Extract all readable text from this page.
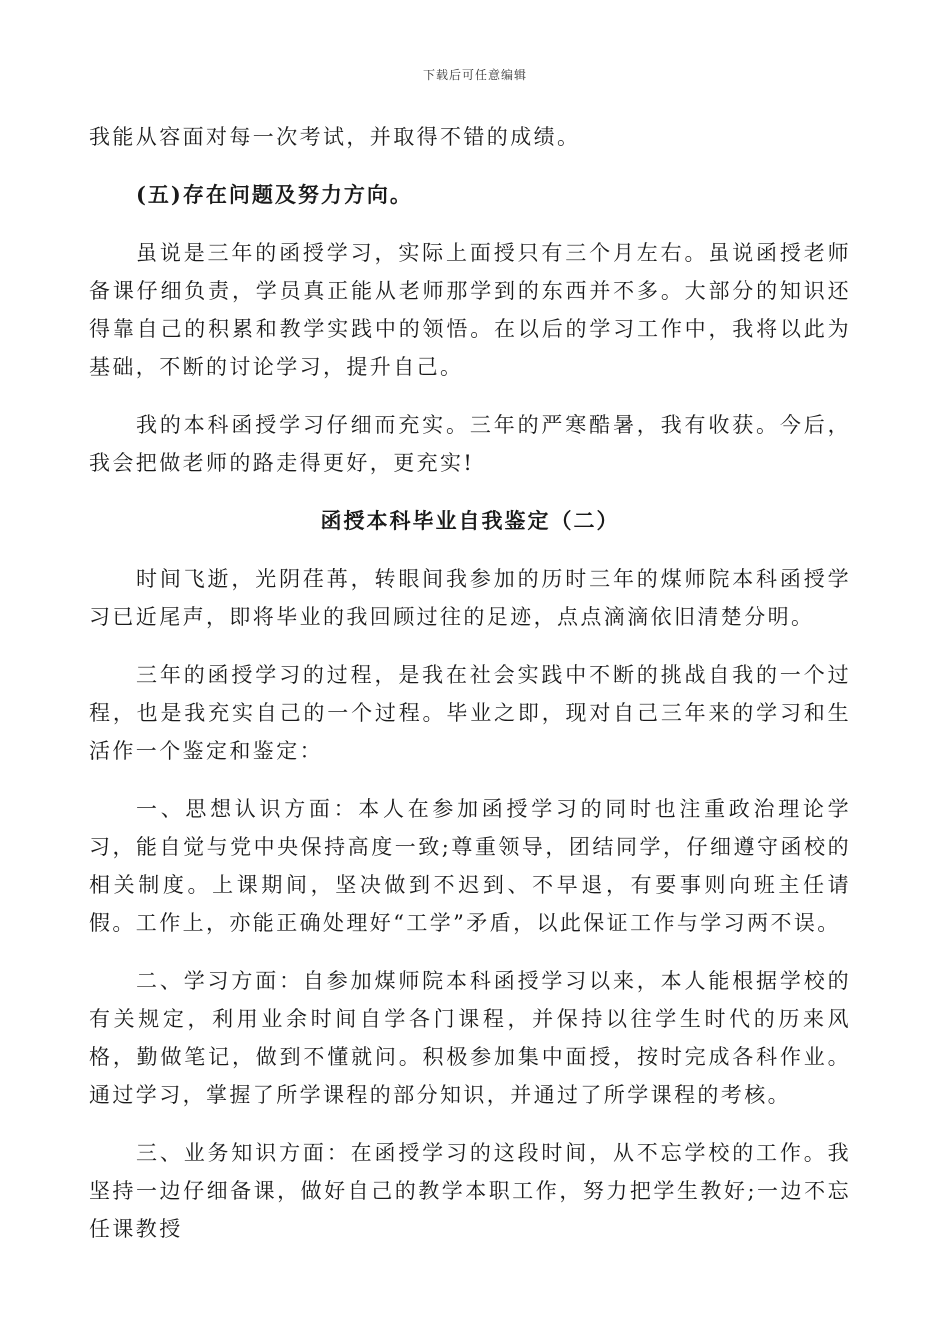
下载后可任意编辑

我能从容面对每一次考试，并取得不错的成绩。

(五)存在问题及努力方向。

虽说是三年的函授学习，实际上面授只有三个月左右。虽说函授老师备课仔细负责，学员真正能从老师那学到的东西并不多。大部分的知识还得靠自己的积累和教学实践中的领悟。在以后的学习工作中，我将以此为基础，不断的讨论学习，提升自己。

我的本科函授学习仔细而充实。三年的严寒酷暑，我有收获。今后，我会把做老师的路走得更好，更充实!

函授本科毕业自我鉴定（二）

时间飞逝，光阴荏苒，转眼间我参加的历时三年的煤师院本科函授学习已近尾声，即将毕业的我回顾过往的足迹，点点滴滴依旧清楚分明。

三年的函授学习的过程，是我在社会实践中不断的挑战自我的一个过程，也是我充实自己的一个过程。毕业之即，现对自己三年来的学习和生活作一个鉴定和鉴定：

一、思想认识方面：本人在参加函授学习的同时也注重政治理论学习，能自觉与党中央保持高度一致;尊重领导，团结同学，仔细遵守函校的相关制度。上课期间，坚决做到不迟到、不早退，有要事则向班主任请假。工作上，亦能正确处理好“工学”矛盾，以此保证工作与学习两不误。

二、学习方面：自参加煤师院本科函授学习以来，本人能根据学校的有关规定，利用业余时间自学各门课程，并保持以往学生时代的历来风格，勤做笔记，做到不懂就问。积极参加集中面授，按时完成各科作业。通过学习，掌握了所学课程的部分知识，并通过了所学课程的考核。

三、业务知识方面：在函授学习的这段时间，从不忘学校的工作。我坚持一边仔细备课，做好自己的教学本职工作，努力把学生教好;一边不忘任课教授
